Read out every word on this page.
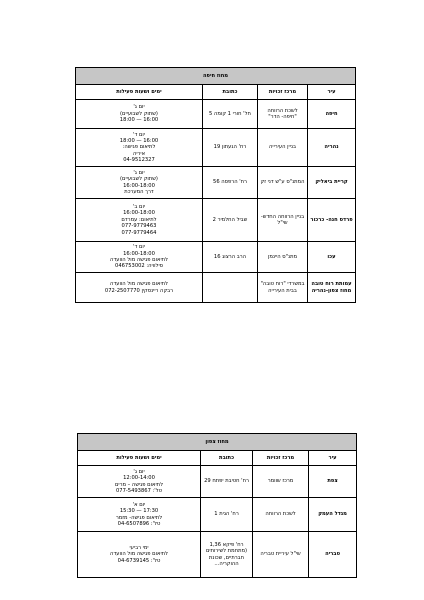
מחוז חיפה			
עיר	מרכז זכויות	כתובת	ימים ושעות פעילות
חיפה	לשכת הרווחה "חיפה- הדר"	חל' חורי 1 קומה 5	יום ג'
(שתוק לשבועיים)
16:00 — 18:00
נהריה	בניין העירייה	רח' הגעתון 19	יום ד'
16:00 — 18:00
לתיאום פגישה:
איריה
04-9512327
קריית ביאליק	המתנ"ס ע"ש דני זק	רח' הרפסה 56	יום ג'
(שתוק לשבועיים)
16:00-18:00
דרך המערכת
פרדס חנה- כרכור	בניין הרווחה החדש- שי"ל	שביל החלמיר 2	יום ב'
16:00-18:00
לתיאום: עמרדם
077-9779463
077-9779464
עכו	מתנ"ס היינמן	הרב הרצוג 16	יום ד'
16:00-18:00
לתיאום פגישה מול הוועדה
סילוויה: 046753002
עמותת רוח טובה מחוז צפון-נהריה	במשרדי "רוח טובה" בבית העירייה		לתיאום פגישה מול הוועדה
רבקה ריינסקין 072-2507770
מחוז צפון			
עיר	מרכז זכויות	כתובת	ימים ושעות פעילות
צפת	מרכז שוומר	רח' חטיבת יפתח 29	יום ג'
12:00-14:00
לתיאום פגישה – מרים
טל': 077-5493867
מגדל העמק	לשכת הרווחה	רח' הגית 1	יום א'
17:30 — 15:30
לתיאום פגישה- מזמר
טל': 04-6507896
טבריה	שי"ל עיריית טבריה	רח' פיקא 1,36 (מתחמת לשירותים חברתיים, שכונת ההוקריה...	ימי רביעי
לתיאום פגישה מול הוועדה
טל': 04-6739145
